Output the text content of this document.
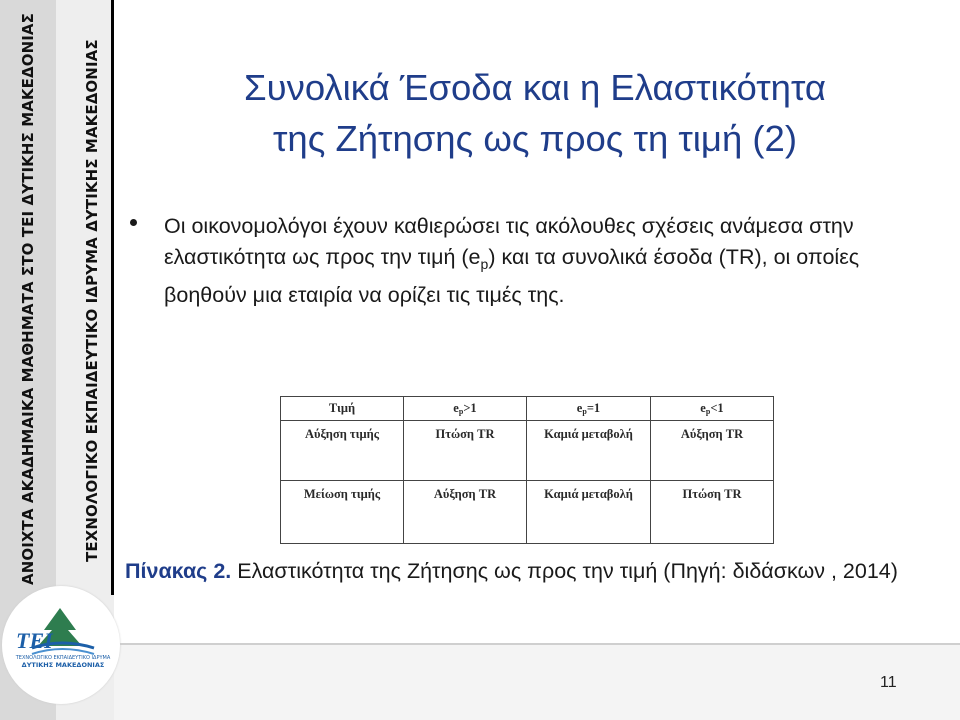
ΑΝΟΙΧΤΑ ΑΚΑΔΗΜΑΙΚΑ ΜΑΘΗΜΑΤΑ ΣΤΟ ΤΕΙ ΔΥΤΙΚΗΣ ΜΑΚΕΔΟΝΙΑΣ	ΤΕΧΝΟΛΟΓΙΚΟ ΕΚΠΑΙΔΕΥΤΙΚΟ ΙΔΡΥΜΑ ΔΥΤΙΚΗΣ ΜΑΚΕΔΟΝΙΑΣ
ΤΕΙ
ΤΕΧΝΟΛΟΓΙΚΟ ΕΚΠΑΙΔΕΥΤΙΚΟ ΙΔΡΥΜΑ
ΔΥΤΙΚΗΣ ΜΑΚΕΔΟΝΙΑΣ
11
Συνολικά Έσοδα και η Ελαστικότητα
της Ζήτησης ως προς τη τιμή (2)
Οι οικονομολόγοι έχουν καθιερώσει τις ακόλουθες σχέσεις ανάμεσα στην ελαστικότητα ως προς την τιμή $(e_p)$ και τα συνολικά έσοδα (TR), οι οποίες βοηθούν μια εταιρία να ορίζει τις τιμές της.
Τιμή	$e_p>1$	$e_p=1$	$e_p<1$
Αύξηση τιμής	Πτώση TR	Καμιά μεταβολή	Αύξηση TR
Μείωση τιμής	Αύξηση TR	Καμιά μεταβολή	Πτώση TR
Πίνακας 2. Ελαστικότητα της Ζήτησης ως προς την τιμή (Πηγή: διδάσκων , 2014)
